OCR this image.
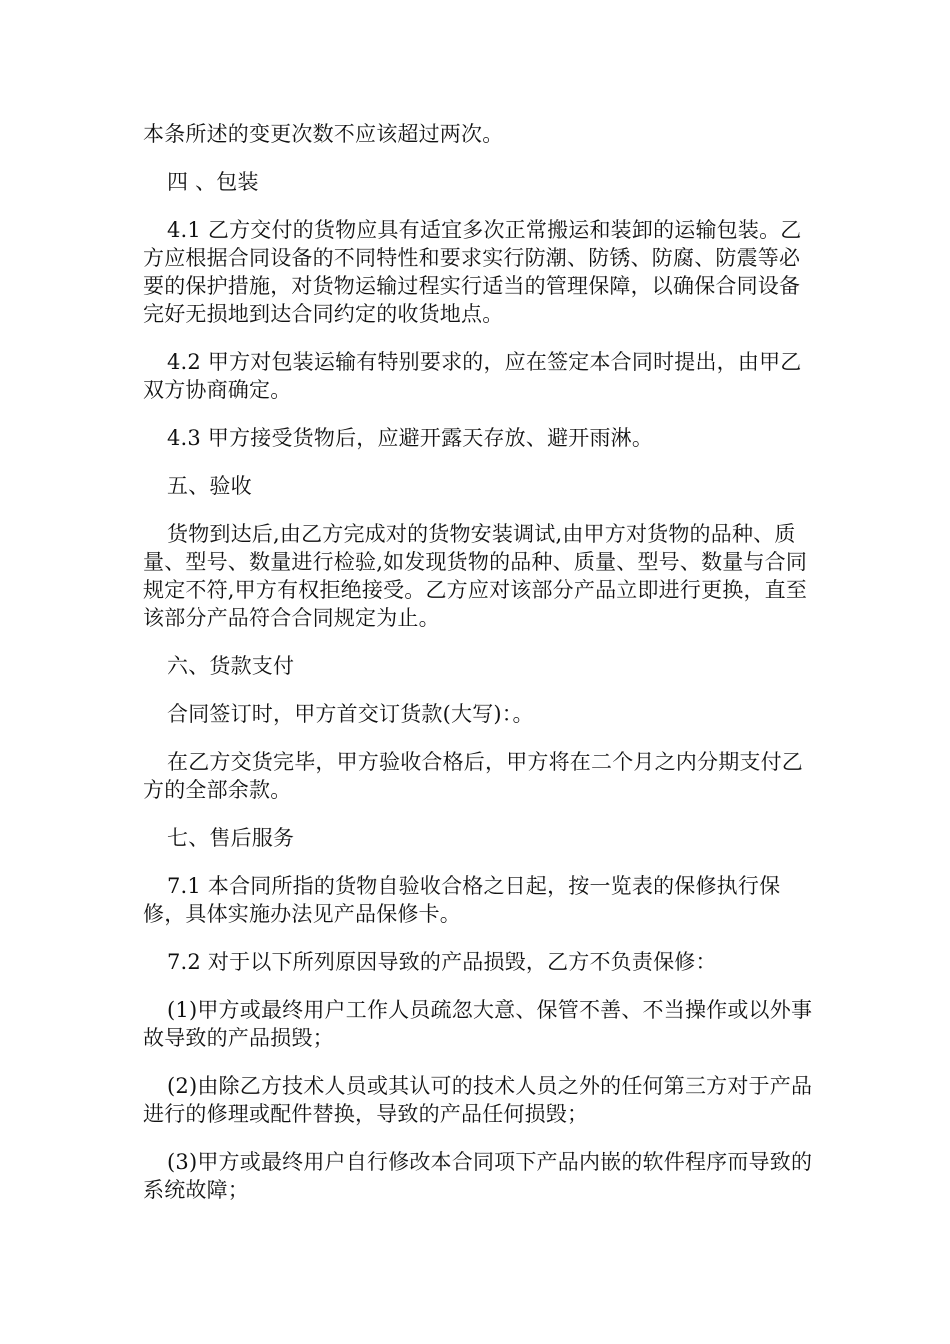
本条所述的变更次数不应该超过两次。

四 、包装

4.1 乙方交付的货物应具有适宜多次正常搬运和装卸的运输包装。乙方应根据合同设备的不同特性和要求实行防潮、防锈、防腐、防震等必要的保护措施，对货物运输过程实行适当的管理保障，以确保合同设备完好无损地到达合同约定的收货地点。

4.2 甲方对包装运输有特别要求的，应在签定本合同时提出，由甲乙双方协商确定。

4.3 甲方接受货物后，应避开露天存放、避开雨淋。

五、验收

货物到达后,由乙方完成对的货物安装调试,由甲方对货物的品种、质量、型号、数量进行检验,如发现货物的品种、质量、型号、数量与合同规定不符,甲方有权拒绝接受。乙方应对该部分产品立即进行更换，直至该部分产品符合合同规定为止。

六、货款支付

合同签订时，甲方首交订货款(大写)：。

在乙方交货完毕，甲方验收合格后，甲方将在二个月之内分期支付乙方的全部余款。

七、售后服务

7.1 本合同所指的货物自验收合格之日起，按一览表的保修执行保修，具体实施办法见产品保修卡。

7.2 对于以下所列原因导致的产品损毁，乙方不负责保修：

(1)甲方或最终用户工作人员疏忽大意、保管不善、不当操作或以外事故导致的产品损毁；

(2)由除乙方技术人员或其认可的技术人员之外的任何第三方对于产品进行的修理或配件替换，导致的产品任何损毁；

(3)甲方或最终用户自行修改本合同项下产品内嵌的软件程序而导致的系统故障；
